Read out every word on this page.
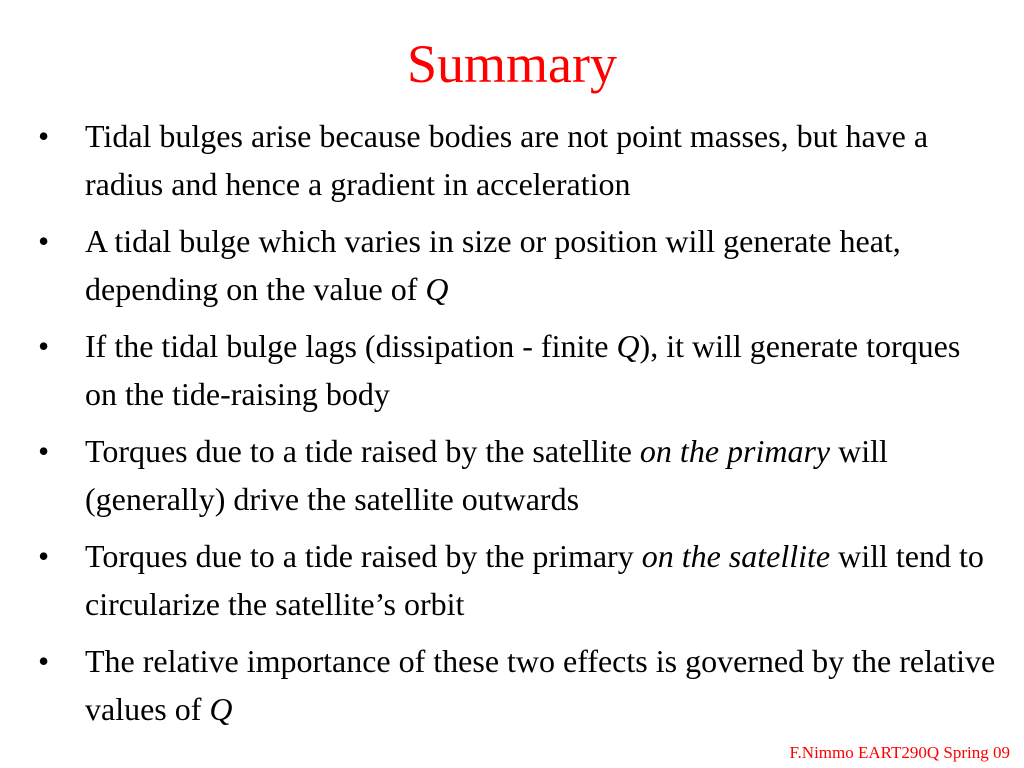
Summary
• Tidal bulges arise because bodies are not point masses, but have a radius and hence a gradient in acceleration
• A tidal bulge which varies in size or position will generate heat, depending on the value of Q
• If the tidal bulge lags (dissipation - finite Q), it will generate torques on the tide-raising body
• Torques due to a tide raised by the satellite on the primary will (generally) drive the satellite outwards
• Torques due to a tide raised by the primary on the satellite will tend to circularize the satellite’s orbit
• The relative importance of these two effects is governed by the relative values of Q
F.Nimmo EART290Q Spring 09
